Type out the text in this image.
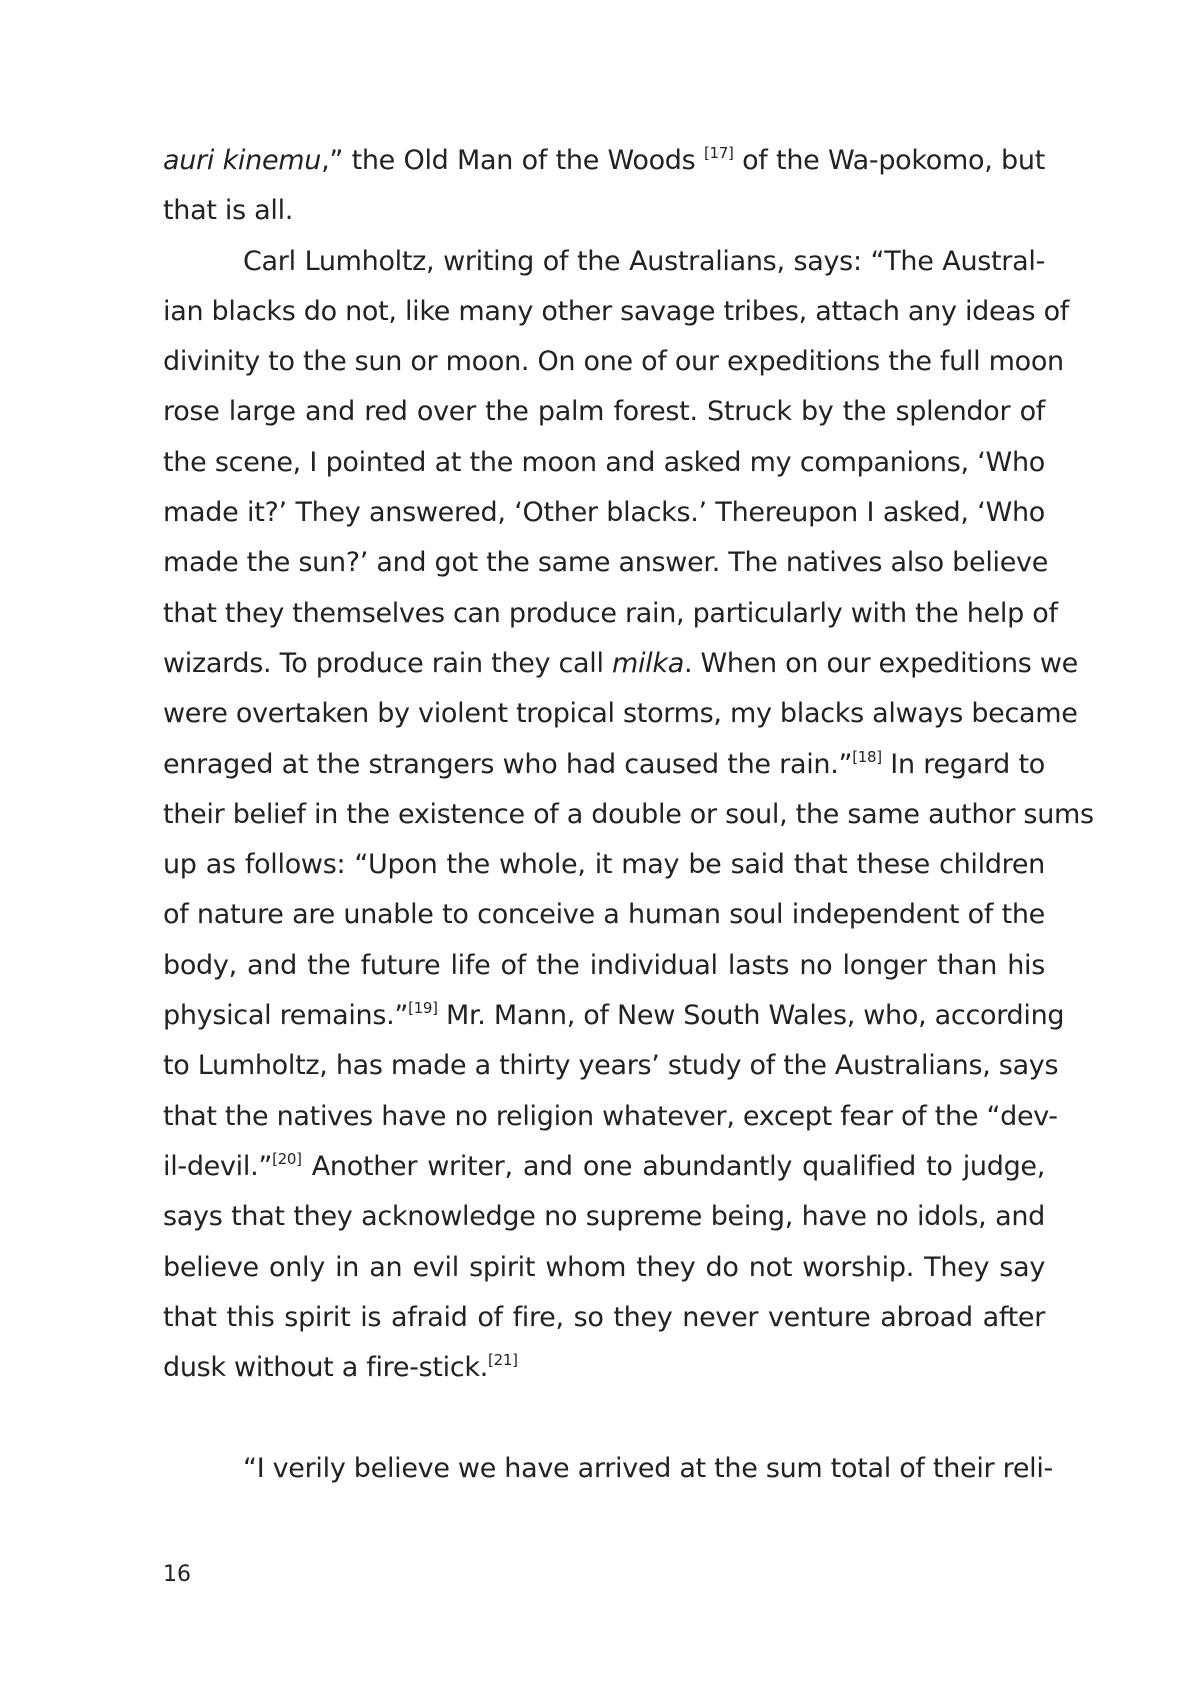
auri kinemu,” the Old Man of the Woods [17] of the Wa-pokomo, but
that is all.
Carl Lumholtz, writing of the Australians, says: “The Austral-
ian blacks do not, like many other savage tribes, attach any ideas of
divinity to the sun or moon. On one of our expeditions the full moon
rose large and red over the palm forest. Struck by the splendor of
the scene, I pointed at the moon and asked my companions, ‘Who
made it?’ They answered, ‘Other blacks.’ Thereupon I asked, ‘Who
made the sun?’ and got the same answer. The natives also believe
that they themselves can produce rain, particularly with the help of
wizards. To produce rain they call milka. When on our expeditions we
were overtaken by violent tropical storms, my blacks always became
enraged at the strangers who had caused the rain.”[18] In regard to
their belief in the existence of a double or soul, the same author sums
up as follows: “Upon the whole, it may be said that these children
of nature are unable to conceive a human soul independent of the
body, and the future life of the individual lasts no longer than his
physical remains.”[19] Mr. Mann, of New South Wales, who, according
to Lumholtz, has made a thirty years’ study of the Australians, says
that the natives have no religion whatever, except fear of the “dev-
il-devil.”[20] Another writer, and one abundantly qualified to judge,
says that they acknowledge no supreme being, have no idols, and
believe only in an evil spirit whom they do not worship. They say
that this spirit is afraid of fire, so they never venture abroad after
dusk without a fire-stick.[21]
“I verily believe we have arrived at the sum total of their reli-
16
